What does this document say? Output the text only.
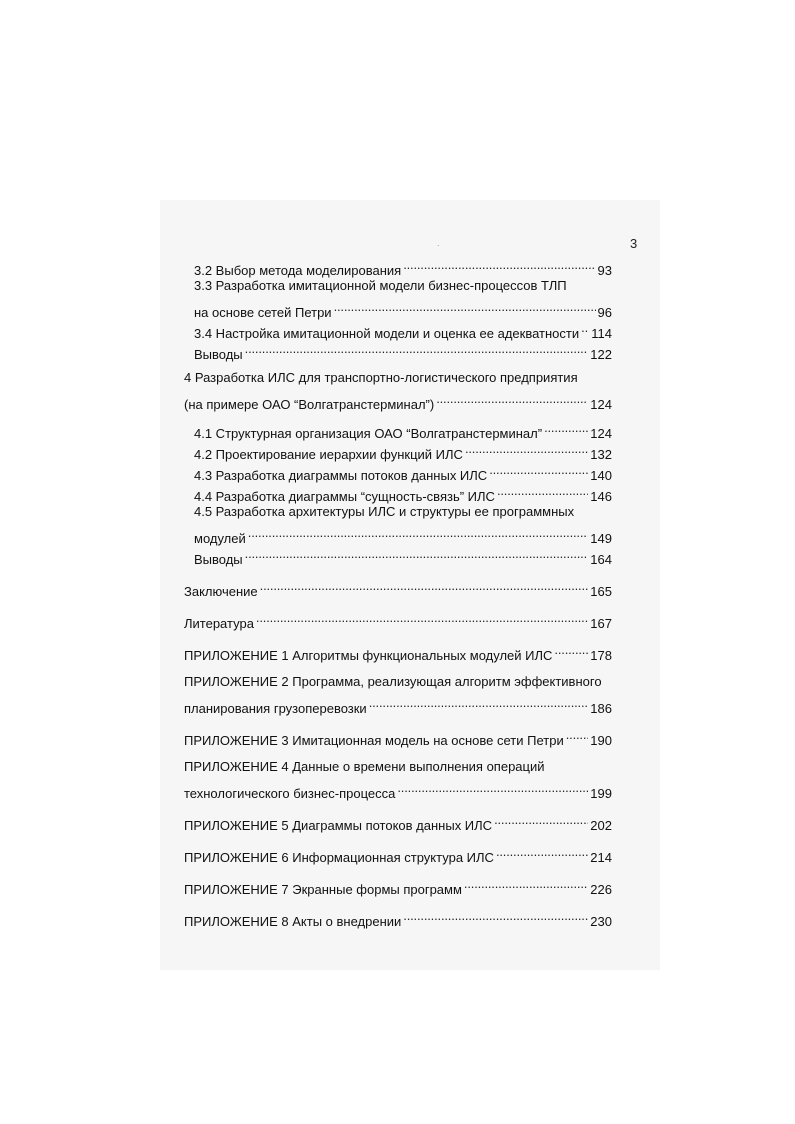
3
.
3.2 Выбор метода моделирования . . .	93
3.3 Разработка имитационной модели бизнес-процессов ТЛП
на основе сетей Петри . . .	96
3.4 Настройка имитационной модели и оценка ее адекватности . . . 114
Выводы . . .	122
4 Разработка ИЛС для транспортно-логистического предприятия
(на примере ОАО “Волгатранстерминал”) . . .	124
4.1 Структурная организация ОАО “Волгатранстерминал” . . .	124
4.2 Проектирование иерархии функций ИЛС . . .	132
4.3 Разработка диаграммы потоков данных ИЛС . . .	140
4.4 Разработка диаграммы “сущность-связь” ИЛС . . .	146
4.5 Разработка архитектуры ИЛС и структуры ее программных
модулей . . .	149
Выводы . . .	164
Заключение . . .	165
Литература . . .	167
ПРИЛОЖЕНИЕ 1 Алгоритмы функциональных модулей ИЛС . . .	178
ПРИЛОЖЕНИЕ 2 Программа, реализующая алгоритм эффективного
планирования грузоперевозки . . .	186
ПРИЛОЖЕНИЕ 3 Имитационная модель на основе сети Петри . . . 190
ПРИЛОЖЕНИЕ 4 Данные о времени выполнения операций
технологического бизнес-процесса . . .	199
ПРИЛОЖЕНИЕ 5 Диаграммы потоков данных ИЛС . . .	202
ПРИЛОЖЕНИЕ 6 Информационная структура ИЛС . . .	214
ПРИЛОЖЕНИЕ 7 Экранные формы программ . . .	226
ПРИЛОЖЕНИЕ 8 Акты о внедрении . . .	230
